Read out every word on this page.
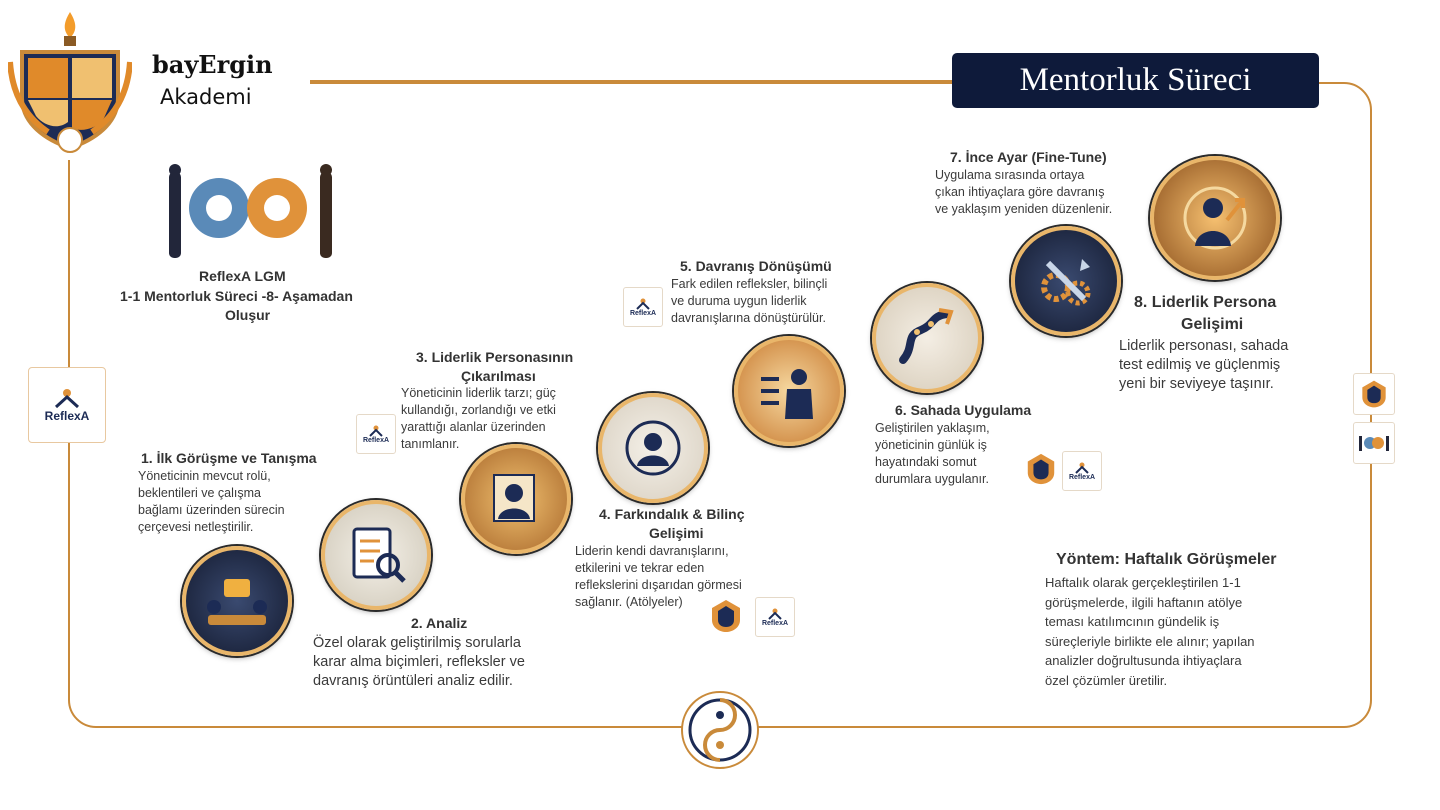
bayErgin
Akademi	Mentorluk Süreci
ReflexA LGM
1-1 Mentorluk Süreci -8- Aşamadan
Oluşur
ReflexA
1. İlk Görüşme ve Tanışma
Yöneticinin mevcut rolü,
beklentileri ve çalışma
bağlamı üzerinden sürecin
çerçevesi netleştirilir.
2. Analiz
Özel olarak geliştirilmiş sorularla
karar alma biçimleri, refleksler ve
davranış örüntüleri analiz edilir.
3. Liderlik Personasının
Çıkarılması
Yöneticinin liderlik tarzı; güç
kullandığı, zorlandığı ve etki
yarattığı alanlar üzerinden
tanımlanır.
ReflexA
4. Farkındalık & Bilinç
Gelişimi
Liderin kendi davranışlarını,
etkilerini ve tekrar eden
reflekslerini dışarıdan görmesi
sağlanır. (Atölyeler)
ReflexA
5. Davranış Dönüşümü
Fark edilen refleksler, bilinçli
ve duruma uygun liderlik
davranışlarına dönüştürülür.
ReflexA
6. Sahada Uygulama
Geliştirilen yaklaşım,
yöneticinin günlük iş
hayatındaki somut
durumlara uygulanır.	ReflexA
7. İnce Ayar (Fine-Tune)
Uygulama sırasında ortaya
çıkan ihtiyaçlara göre davranış
ve yaklaşım yeniden düzenlenir.
8. Liderlik Persona
Gelişimi
Liderlik personası, sahada
test edilmiş ve güçlenmiş
yeni bir seviyeye taşınır.
Yöntem: Haftalık Görüşmeler
Haftalık olarak gerçekleştirilen 1-1
görüşmelerde, ilgili haftanın atölye
teması katılımcının gündelik iş
süreçleriyle birlikte ele alınır; yapılan
analizler doğrultusunda ihtiyaçlara
özel çözümler üretilir.
